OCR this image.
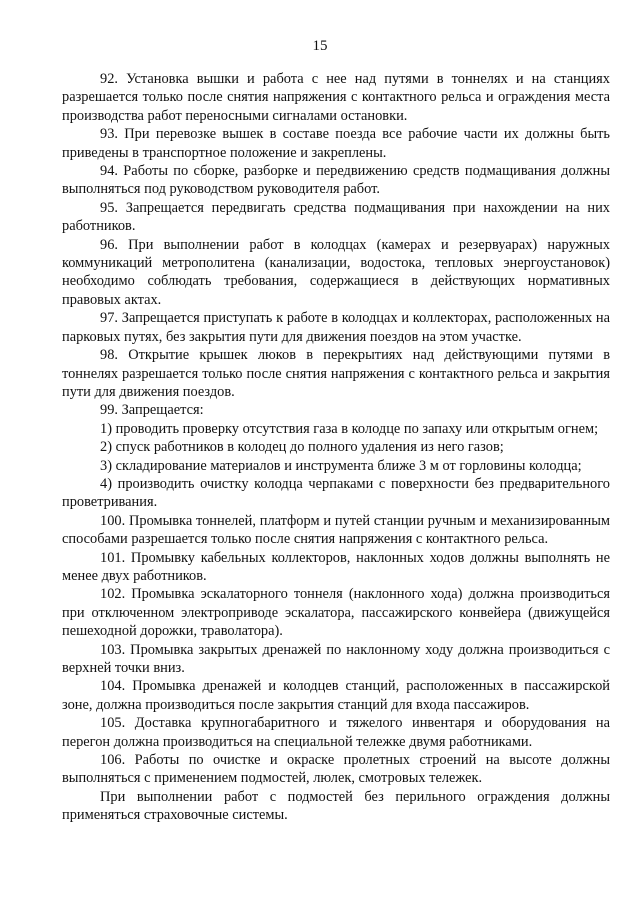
15

92. Установка вышки и работа с нее над путями в тоннелях и на станциях разрешается только после снятия напряжения с контактного рельса и ограждения места производства работ переносными сигналами остановки.

93. При перевозке вышек в составе поезда все рабочие части их должны быть приведены в транспортное положение и закреплены.

94. Работы по сборке, разборке и передвижению средств подмащивания должны выполняться под руководством руководителя работ.

95. Запрещается передвигать средства подмащивания при нахождении на них работников.

96. При выполнении работ в колодцах (камерах и резервуарах) наружных коммуникаций метрополитена (канализации, водостока, тепловых энергоустановок) необходимо соблюдать требования, содержащиеся в действующих нормативных правовых актах.

97. Запрещается приступать к работе в колодцах и коллекторах, расположенных на парковых путях, без закрытия пути для движения поездов на этом участке.

98. Открытие крышек люков в перекрытиях над действующими путями в тоннелях разрешается только после снятия напряжения с контактного рельса и закрытия пути для движения поездов.

99. Запрещается:

1) проводить проверку отсутствия газа в колодце по запаху или открытым огнем;

2) спуск работников в колодец до полного удаления из него газов;

3) складирование материалов и инструмента ближе 3 м от горловины колодца;

4) производить очистку колодца черпаками с поверхности без предварительного проветривания.

100. Промывка тоннелей, платформ и путей станции ручным и механизированным способами разрешается только после снятия напряжения с контактного рельса.

101. Промывку кабельных коллекторов, наклонных ходов должны выполнять не менее двух работников.

102. Промывка эскалаторного тоннеля (наклонного хода) должна производиться при отключенном электроприводе эскалатора, пассажирского конвейера (движущейся пешеходной дорожки, траволатора).

103. Промывка закрытых дренажей по наклонному ходу должна производиться с верхней точки вниз.

104. Промывка дренажей и колодцев станций, расположенных в пассажирской зоне, должна производиться после закрытия станций для входа пассажиров.

105. Доставка крупногабаритного и тяжелого инвентаря и оборудования на перегон должна производиться на специальной тележке двумя работниками.

106. Работы по очистке и окраске пролетных строений на высоте должны выполняться с применением подмостей, люлек, смотровых тележек.

При выполнении работ с подмостей без перильного ограждения должны применяться страховочные системы.
